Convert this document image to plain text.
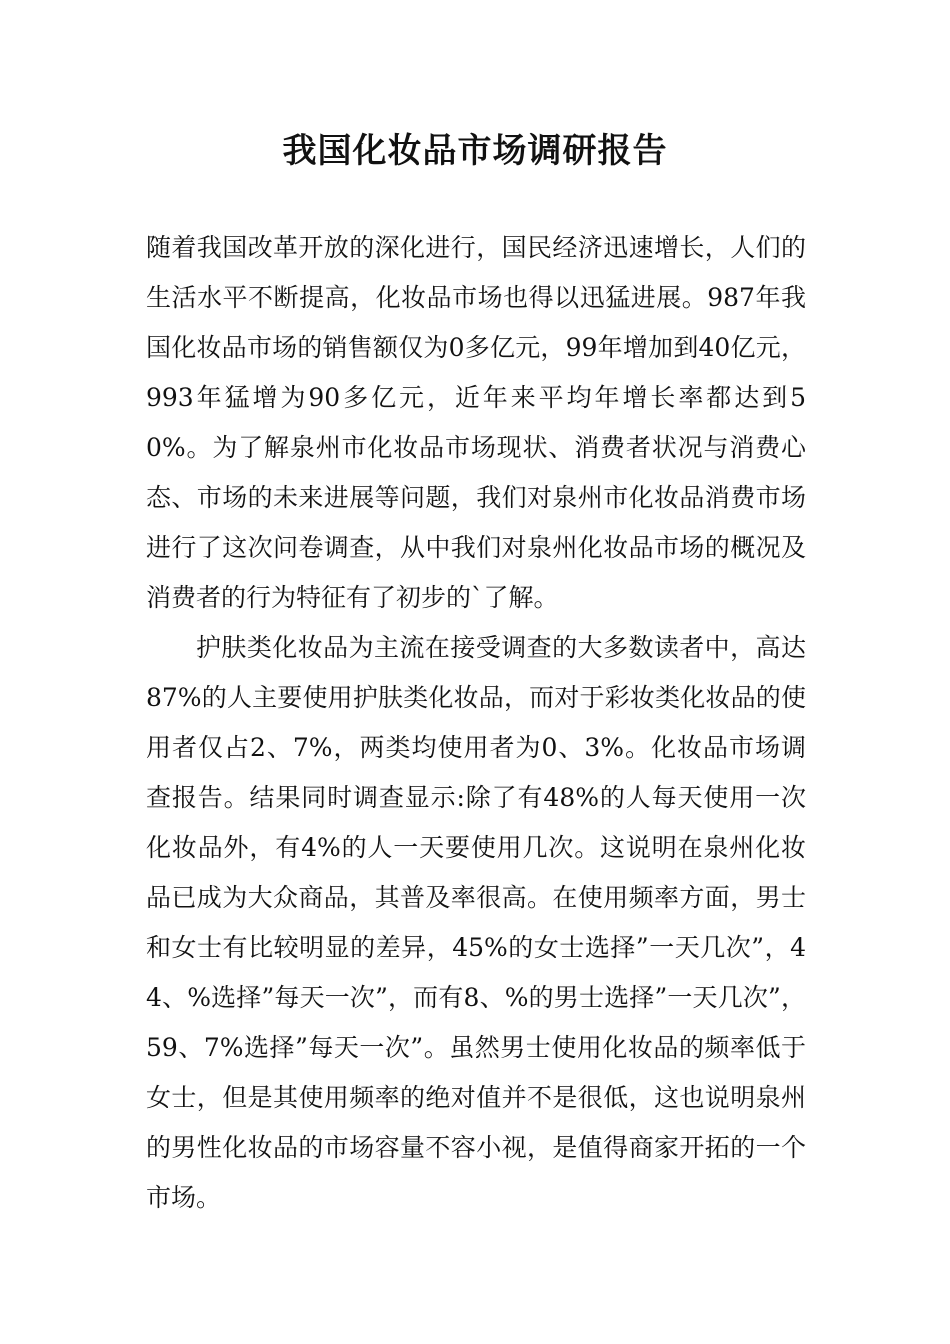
我国化妆品市场调研报告

随着我国改革开放的深化进行，国民经济迅速增长，人们的生活水平不断提高，化妆品市场也得以迅猛进展。987年我国化妆品市场的销售额仅为0多亿元，99年增加到40亿元，993年猛增为90多亿元，近年来平均年增长率都达到50%。为了解泉州市化妆品市场现状、消费者状况与消费心态、市场的未来进展等问题，我们对泉州市化妆品消费市场进行了这次问卷调查，从中我们对泉州化妆品市场的概况及消费者的行为特征有了初步的`了解。

护肤类化妆品为主流在接受调查的大多数读者中，高达87%的人主要使用护肤类化妆品，而对于彩妆类化妆品的使用者仅占2、7%，两类均使用者为0、3%。化妆品市场调查报告。结果同时调查显示:除了有48%的人每天使用一次化妆品外，有4%的人一天要使用几次。这说明在泉州化妆品已成为大众商品，其普及率很高。在使用频率方面，男士和女士有比较明显的差异，45%的女士选择”一天几次”，44、%选择”每天一次”，而有8、%的男士选择”一天几次”，59、7%选择”每天一次”。虽然男士使用化妆品的频率低于女士，但是其使用频率的绝对值并不是很低，这也说明泉州的男性化妆品的市场容量不容小视，是值得商家开拓的一个市场。
